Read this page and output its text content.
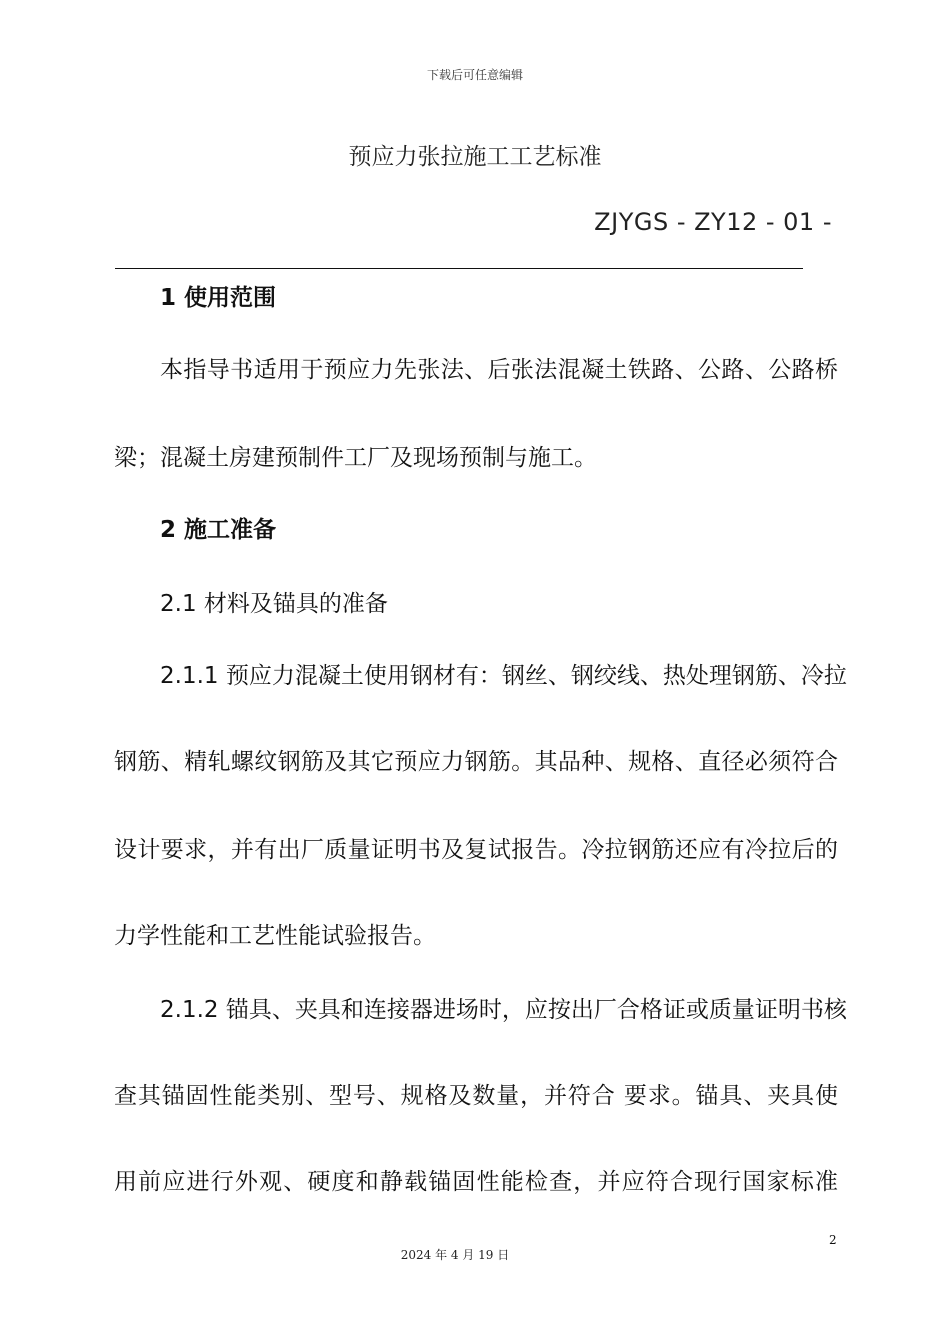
下载后可任意编辑
预应力张拉施工工艺标准
ZJYGS - ZY12 - 01 -
1 使用范围
本指导书适用于预应力先张法、后张法混凝土铁路、公路、公路桥
梁；混凝土房建预制件工厂及现场预制与施工。
2 施工准备
2.1 材料及锚具的准备
2.1.1 预应力混凝土使用钢材有：钢丝、钢绞线、热处理钢筋、冷拉
钢筋、精轧螺纹钢筋及其它预应力钢筋。其品种、规格、直径必须符合
设计要求，并有出厂质量证明书及复试报告。冷拉钢筋还应有冷拉后的
力学性能和工艺性能试验报告。
2.1.2 锚具、夹具和连接器进场时，应按出厂合格证或质量证明书核
查其锚固性能类别、型号、规格及数量，并符合 要求。锚具、夹具使
用前应进行外观、硬度和静载锚固性能检查，并应符合现行国家标准
2
2024 年 4 月 19 日
